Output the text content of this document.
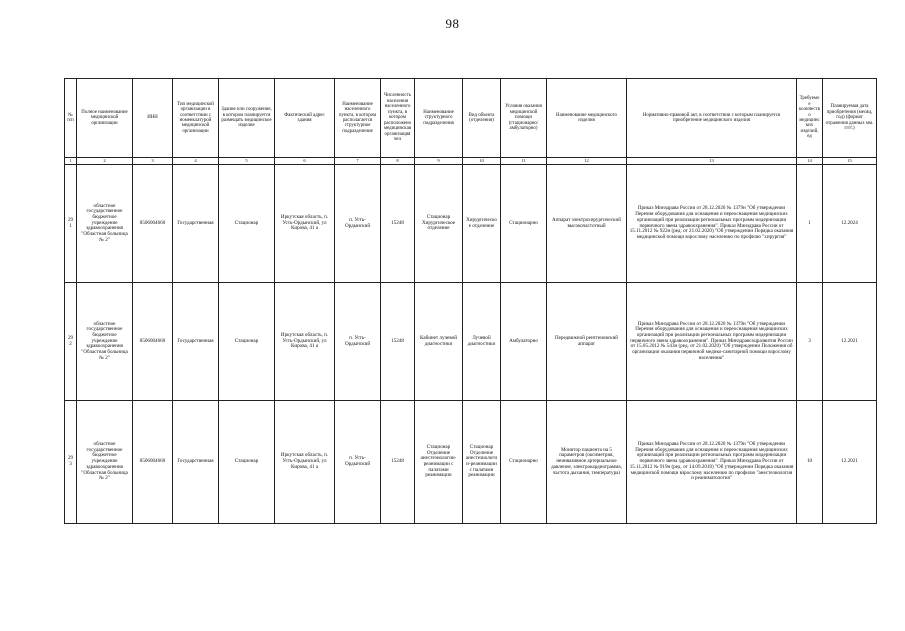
98
№ п/п	Полное наименование медицинской организации	ИНН	Тип медицинской организации в соответствии с номенклатурой медицинской организации	Здание или сооружение, в котором планируется размещать медицинское изделие	Фактический адрес здания	Наименование населенного пункта, в котором располагается структурное подразделение	Численность населения населенного пункта, в котором расположено медицинская организация чел	Наименование структурного подразделения	Вид объекта (отделения)	Условия оказания медицинской помощи (стационарно/амбулаторно)	Наименование медицинского изделия	Нормативно-правовой акт, в соответствии с которым планируется приобретение медицинского изделия	Требуемое количество медицинских изделий, ед	Планируемая дата приобретения (месяц, год) (формат отражения данных мм. гггг.)
1	2	3	4	5	6	7	8	9	10	11	12	13	14	15
291	областное государственное бюджетное учреждение здравоохранения "Областная больница № 2"	8506004660	Государственная	Стационар	Иркутская область, п. Усть-Ордынский, ул Кирова, 41 а	п. Усть-Ордынский	15248	Стационар Хирургическое отделение	Хирургическое отделение	Стационарно	Аппарат электрохирургический высокочастотный	Приказ Минздрава России от 28.12.2020 № 1379н "Об утверждении Перечня оборудования для оснащения и переоснащения медицинских организаций при реализации региональных программ модернизации первичного звена здравоохранения". Приказ Минздрава России от 15.11.2012 № 922н (ред. от 21.02.2020) "Об утверждении Порядка оказания медицинской помощи взрослому населению по профилю "хирургия"	1	12.2024
292	областное государственное бюджетное учреждение здравоохранения "Областная больница № 2"	8506004660	Государственная	Стационар	Иркутская область, п. Усть-Ордынский, ул Кирова, 41 а	п. Усть-Ордынский	15248	Кабинет лучевой диагностики	Лучевой диагностики	Амбулаторно	Передвижной рентгеновский аппарат	Приказ Минздрава России от 28.12.2020 № 1379н "Об утверждении Перечня оборудования для оснащения и переоснащения медицинских организаций при реализации региональных программ модернизации первичного звена здравоохранения". Приказ Минздравсоцразвития России от 15.05.2012 № 543н (ред. от 21.02.2020) "Об утверждении Положения об организации оказания первичной медико-санитарной помощи взрослому населению"	3	12.2021
293	областное государственное бюджетное учреждение здравоохранения "Областная больница № 2"	8506004660	Государственная	Стационар	Иркутская область, п. Усть-Ордынский, ул Кирова, 41 а	п. Усть-Ордынский	15248	Стационар Отделение анестезиологии-реанимации с палатами реанимации	Стационар Отделение анестезиологии-реанимации с палатами реанимации	Стационарно	Монитор пациента на 5 параметров (оксиметрия, неинвазивное артериальное давление, электрокардиограмма, частота дыхания, температура)	Приказ Минздрава России от 28.12.2020 № 1379н "Об утверждении Перечня оборудования для оснащения и переоснащения медицинских организаций при реализации региональных программ модернизации первичного звена здравоохранения". Приказ Минздрава России от 15.11.2012 № 919н (ред. от 14.09.2018) "Об утверждении Порядка оказания медицинской помощи взрослому населению по профилю "анестезиология и реаниматология"	10	12.2021
